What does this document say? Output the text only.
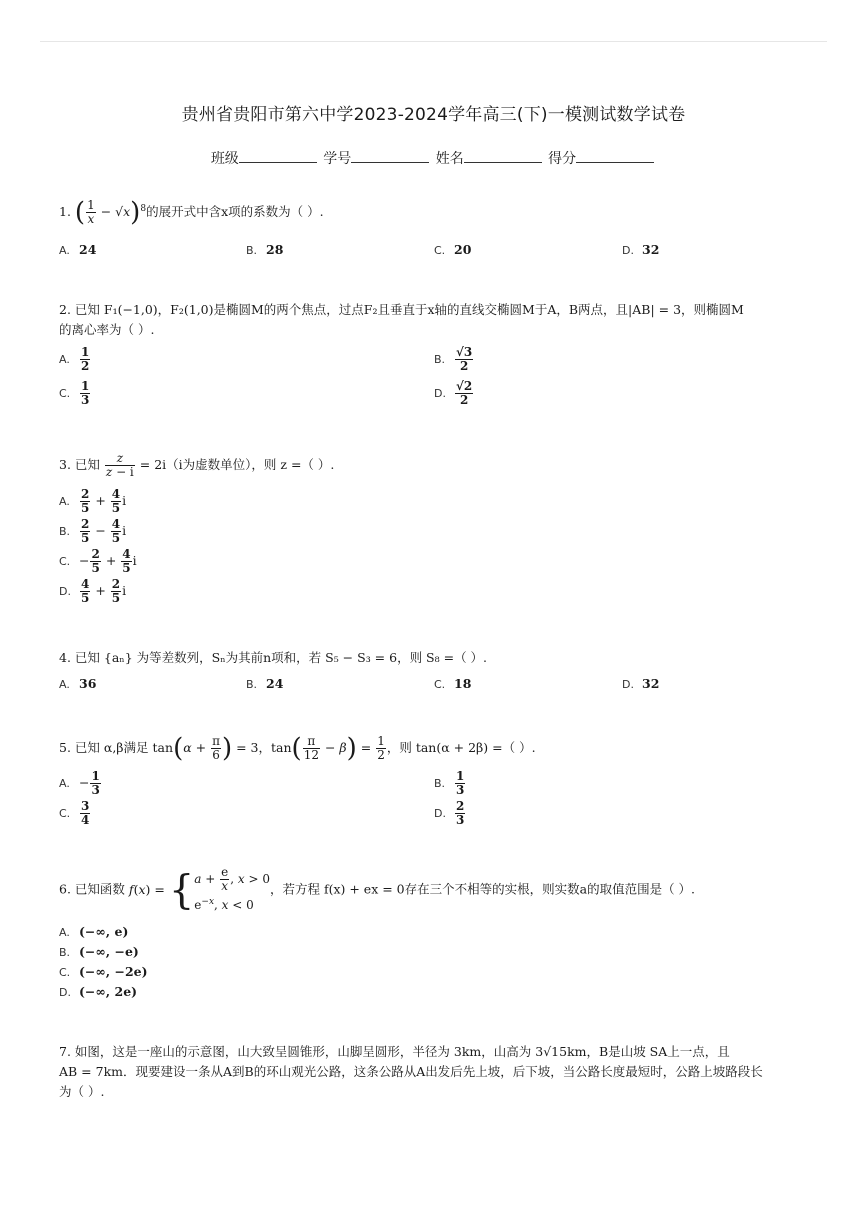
贵州省贵阳市第六中学2023-2024学年高三(下)一模测试数学试卷
班级	学号	姓名	得分
1. ( $\frac{1}{x} - √x)^8$的展开式中含x项的系数为（ ）.
A. 24	B. 28	C. 20	D. 32
2. 已知 F₁(−1,0)，F₂(1,0)是椭圆M的两个焦点，过点F₂且垂直于x轴的直线交椭圆M于A，B两点，且|AB| = 3，则椭圆M
的离心率为（ ）.
A. $\frac{1}{2}$	B. $\frac{√3}{2}$
C. $\frac{1}{3}$	D. $\frac{√2}{2}$
3. 已知 $\frac{z}{z - i} = 2i(i$为虚数单位），则 z =（ ）.
A. $\frac{2}{5} + \frac{4}{5}$ i
B. $\frac{2}{5} - \frac{4}{5}$ i
C. − $\frac{2}{5} + \frac{4}{5}$ i
D. $\frac{4}{5} + \frac{2}{5}$ i
4. 已知 {aₙ} 为等差数列，Sₙ为其前n项和，若 S₅ − S₃ = 6，则 S₈ =（ ）.
A. 36	B. 24	C. 18	D. 32
5. 已知 α,β满足 $\tan(\alpha + \frac{\pi}{6}$ ) = 3，$\tan( \frac{\pi}{12} - \beta) = \frac{1}{2}$ ，则 tan(α + 2β) =（ ）.
A. − $\frac{1}{3}$	B. $\frac{1}{3}$
C. $\frac{3}{4}$	D. $\frac{2}{3}$
6. 已知函数 $f(x) = \{a + \frac{e}{x}$ , x > 0
$e^{-x}$, x < 0，若方程 f(x) + ex = 0存在三个不相等的实根，则实数a的取值范围是（ ）.
A. (−∞, e)
B. (−∞, −e)
C. (−∞, −2e)
D. (−∞, 2e)
7. 如图，这是一座山的示意图，山大致呈圆锥形，山脚呈圆形，半径为 3km，山高为 3√15km，B是山坡 SA上一点，且
AB = 7km．现要建设一条从A到B的环山观光公路，这条公路从A出发后先上坡，后下坡，当公路长度最短时，公路上坡路段长
为（ ）.
